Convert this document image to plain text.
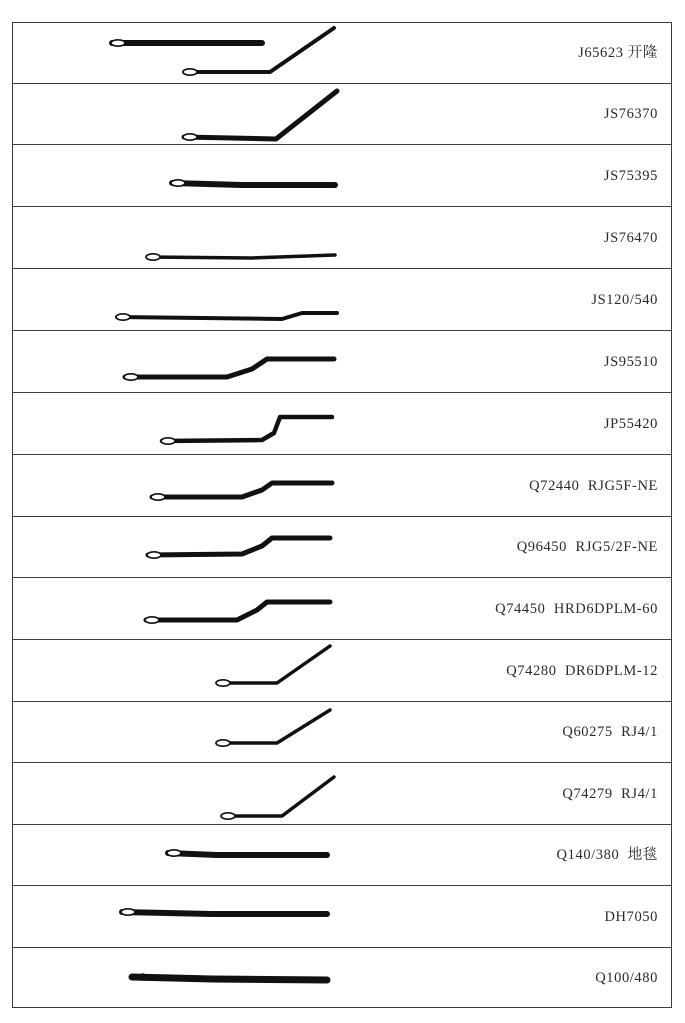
J65623 开隆
JS76370
JS75395
JS76470
JS120/540
JS95510
JP55420
Q72440  RJG5F-NE
Q96450  RJG5/2F-NE
Q74450  HRD6DPLM-60
Q74280  DR6DPLM-12
Q60275  RJ4/1
Q74279  RJ4/1
Q140/380  地毯
DH7050
Q100/480
